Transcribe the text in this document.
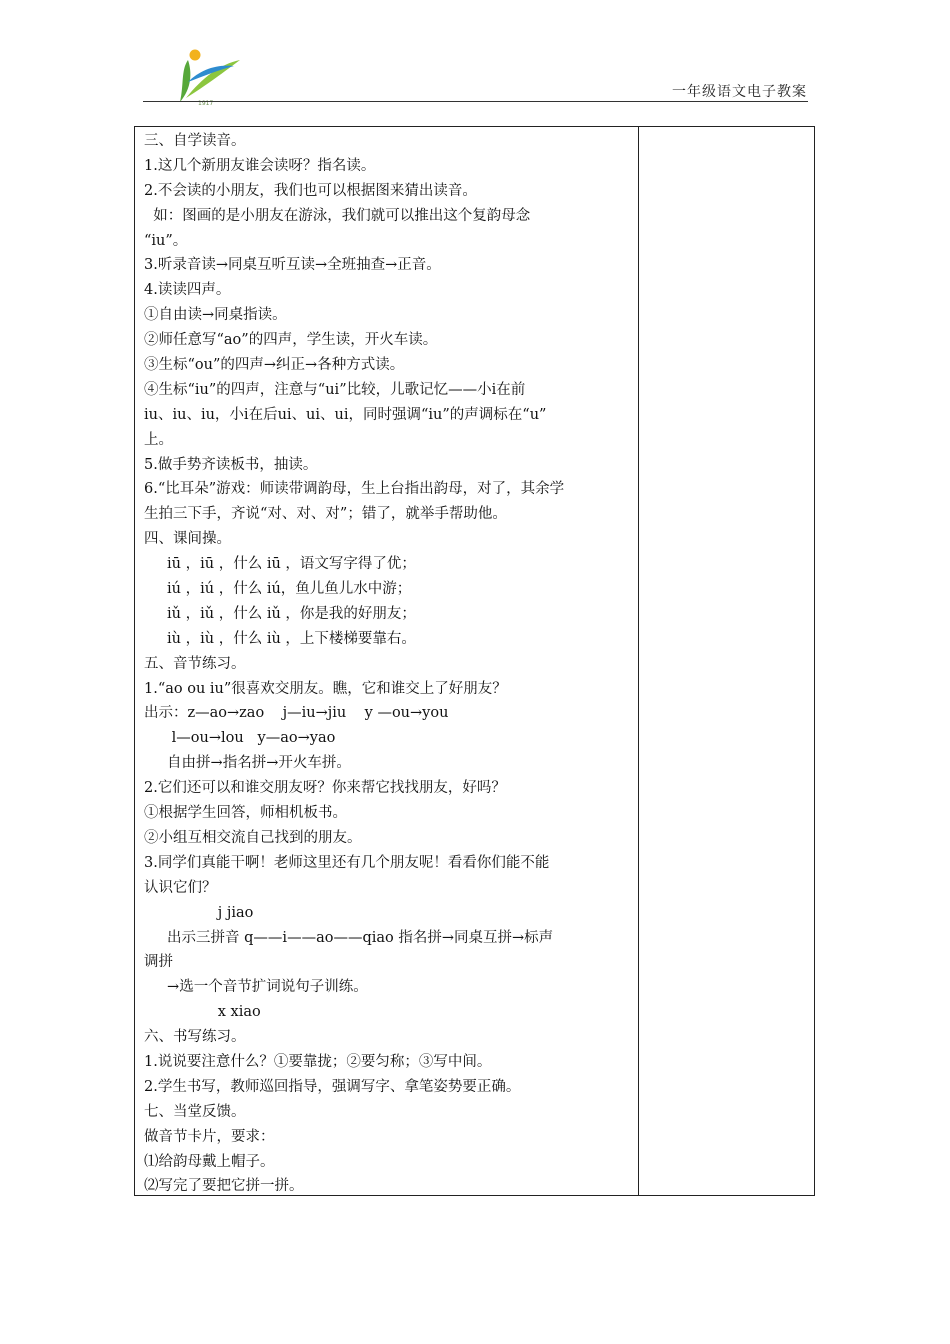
1917
一年级语文电子教案
三、自学读音。
1.这几个新朋友谁会读呀？指名读。
2.不会读的小朋友，我们也可以根据图来猜出读音。
如：图画的是小朋友在游泳，我们就可以推出这个复韵母念
“iu”。
3.听录音读→同桌互听互读→全班抽查→正音。
4.读读四声。
①自由读→同桌指读。
②师任意写“ao”的四声，学生读，开火车读。
③生标“ou”的四声→纠正→各种方式读。
④生标“iu”的四声，注意与“ui”比较，儿歌记忆——小i在前
iu、iu、iu，小i在后ui、ui、ui，同时强调“iu”的声调标在“u”
上。
5.做手势齐读板书，抽读。
6.“比耳朵”游戏：师读带调韵母，生上台指出韵母，对了，其余学
生拍三下手，齐说“对、对、对”；错了，就举手帮助他。
四、课间操。
iū ，iū ，什么 iū ，语文写字得了优；
iú ，iú ，什么 iú，鱼儿鱼儿水中游；
iǔ ，iǔ ，什么 iǔ ，你是我的好朋友；
iù ，iù ，什么 iù ，上下楼梯要靠右。
五、音节练习。
1.“ao ou iu”很喜欢交朋友。瞧，它和谁交上了好朋友？
出示：z—ao→zao    j—iu→jiu    y —ou→you
l—ou→lou   y—ao→yao
自由拼→指名拼→开火车拼。
2.它们还可以和谁交朋友呀？你来帮它找找朋友，好吗？
①根据学生回答，师相机板书。
②小组互相交流自己找到的朋友。
3.同学们真能干啊！老师这里还有几个朋友呢！看看你们能不能
认识它们？
j jiao
出示三拼音 q——i——ao——qiao 指名拼→同桌互拼→标声
调拼
→选一个音节扩词说句子训练。
x xiao
六、书写练习。
1.说说要注意什么？①要靠拢；②要匀称；③写中间。
2.学生书写，教师巡回指导，强调写字、拿笔姿势要正确。
七、当堂反馈。
做音节卡片，要求：
⑴给韵母戴上帽子。
⑵写完了要把它拼一拼。
